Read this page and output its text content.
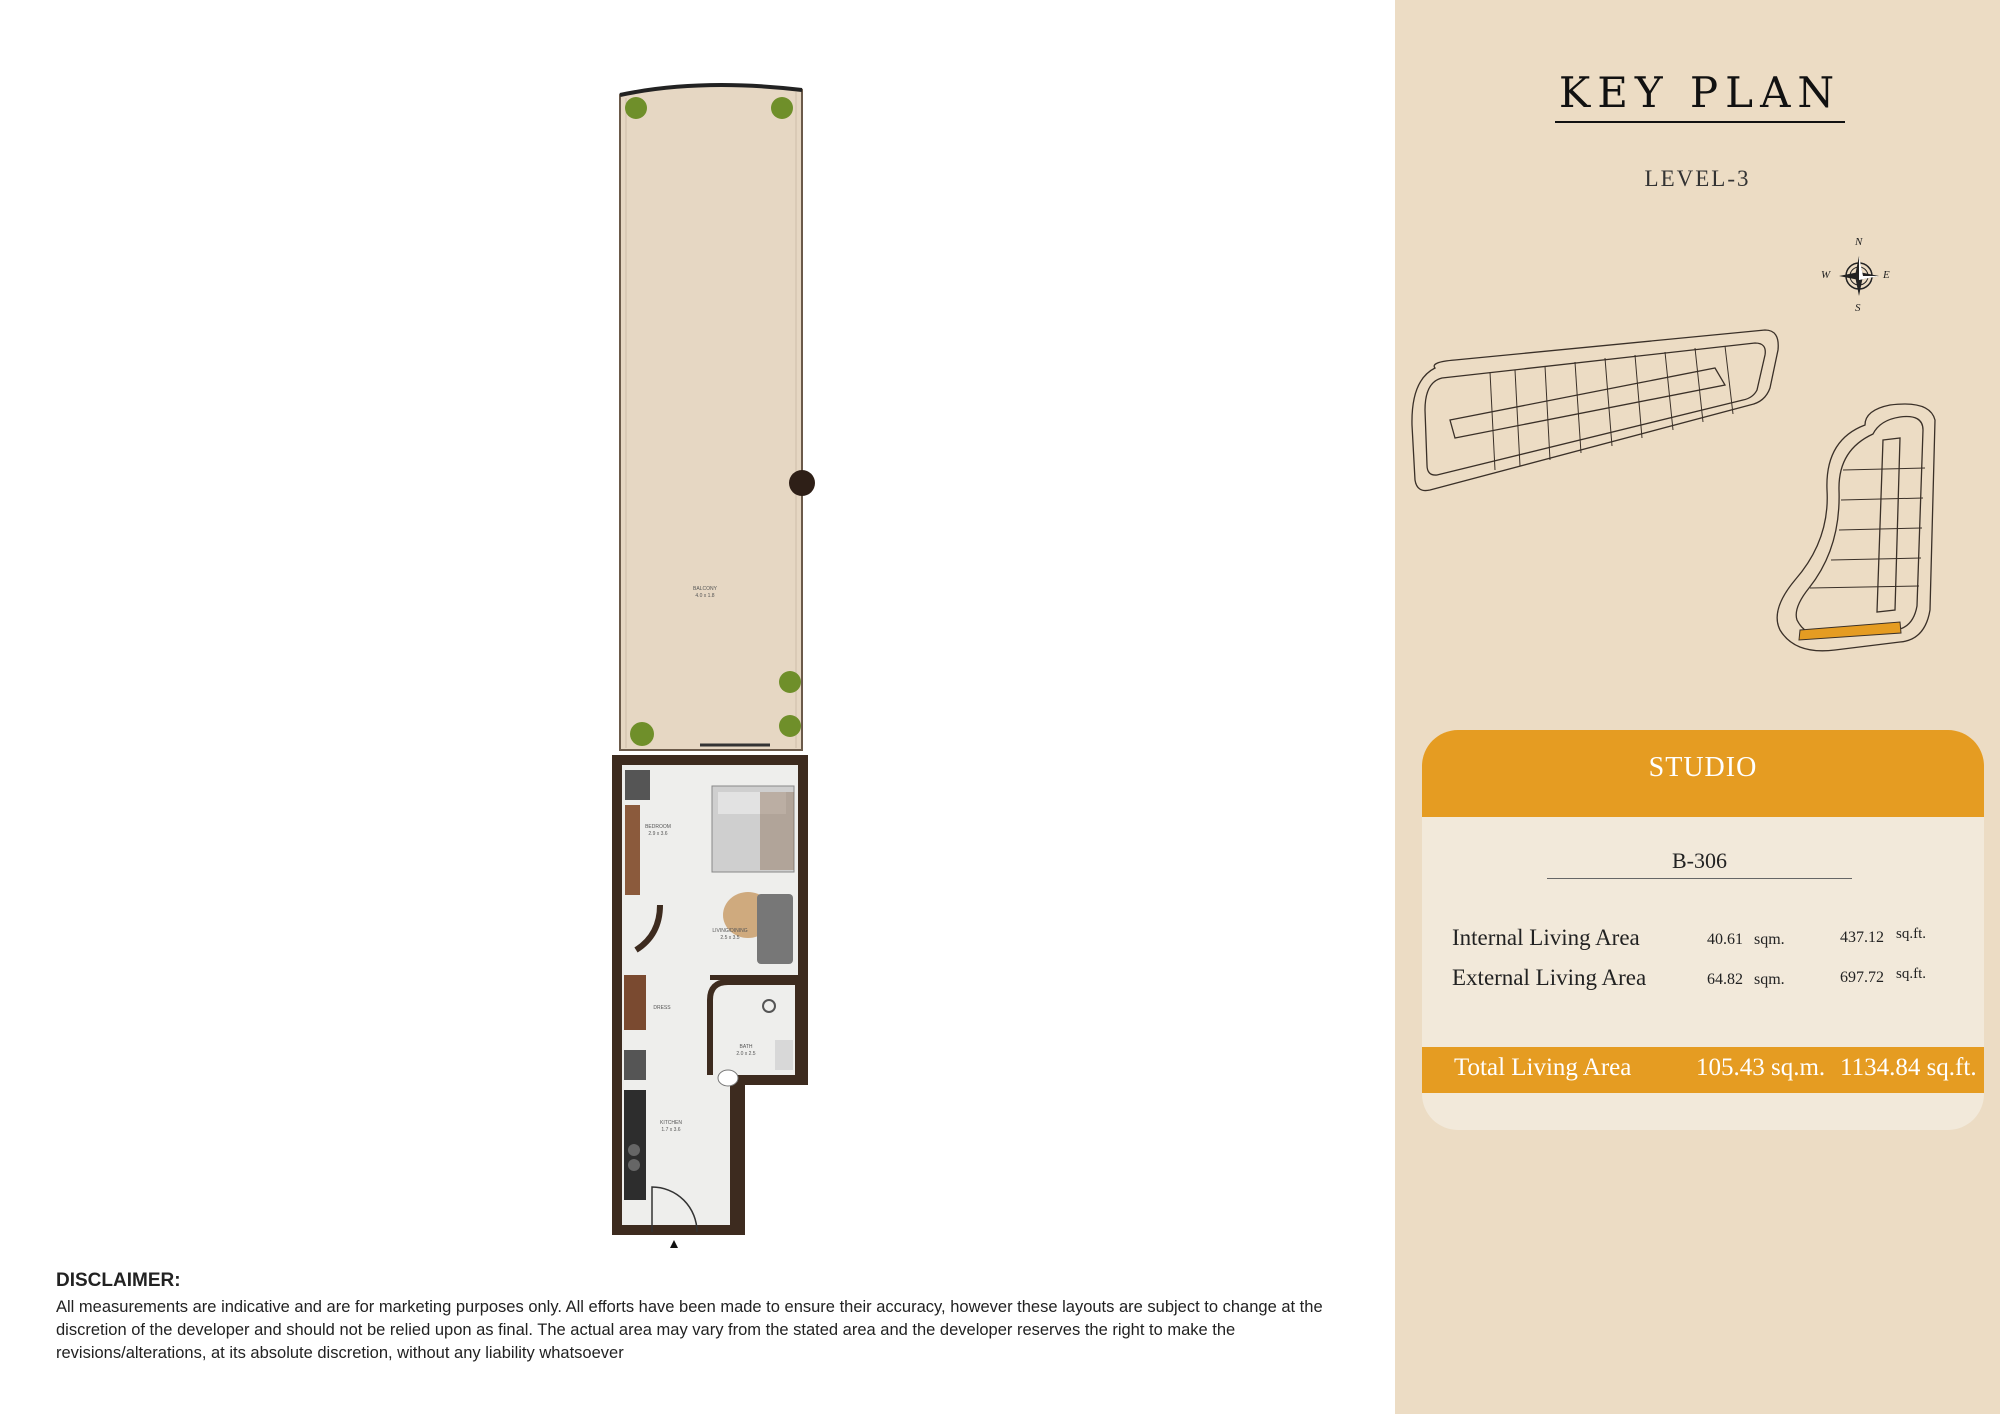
BALCONY
4.0 x 1.8
BEDROOM
2.9 x 3.6
LIVING/DINING
2.5 x 3.5
DRESS
BATH
2.0 x 2.5
KITCHEN
1.7 x 3.6
KEY PLAN
LEVEL-3
N
S
E
W
STUDIO
B-306
Internal Living Area	40.61 sqm.	437.12 sq.ft.
External Living Area	64.82 sqm.	697.72 sq.ft.
Total Living Area	105.43 sq.m. 1134.84 sq.ft.
DISCLAIMER:
All measurements are indicative and are for marketing purposes only. All efforts have been made to ensure their accuracy, however these layouts are subject to change at the discretion of the developer and should not be relied upon as final. The actual area may vary from the stated area and the developer reserves the right to make the revisions/alterations, at its absolute discretion, without any liability whatsoever
